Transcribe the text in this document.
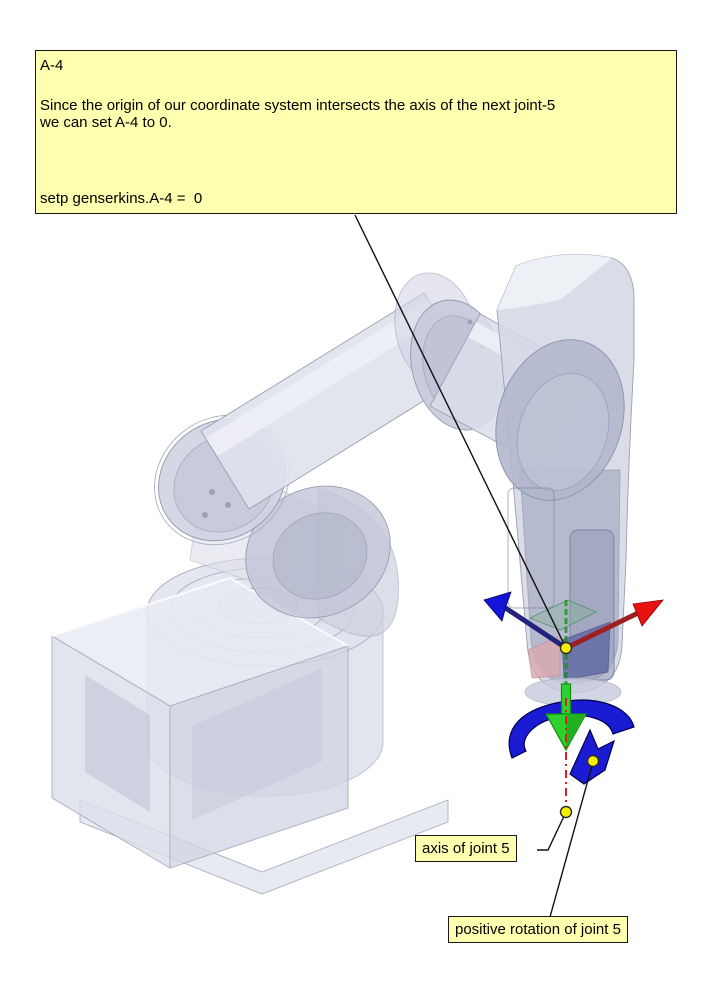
A-4
Since the origin of our coordinate system intersects the axis of the next joint-5
we can set A-4 to 0.
setp genserkins.A-4 =  0
axis of joint 5
positive rotation of joint 5
